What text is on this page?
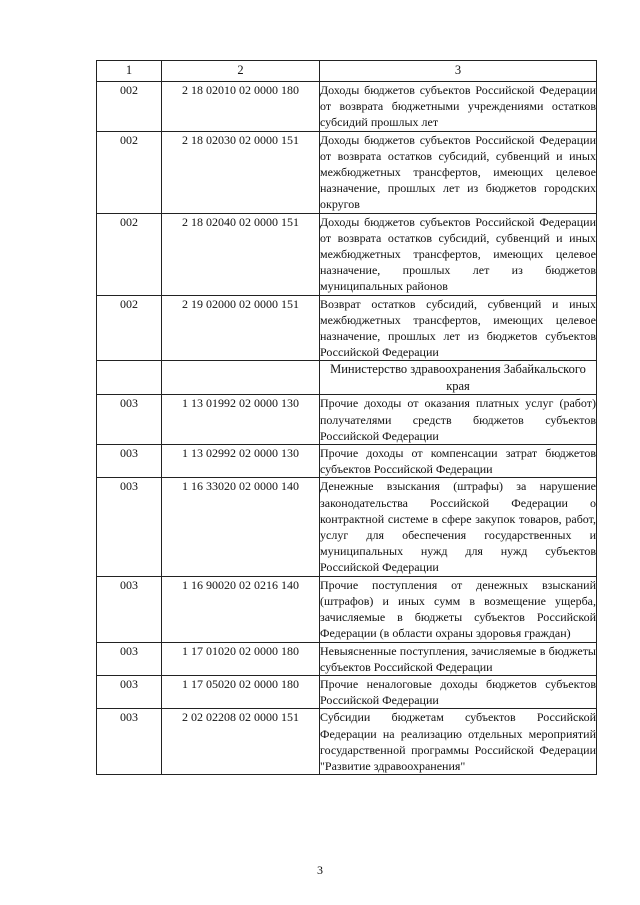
1	2	3
002	2 18 02010 02 0000 180	Доходы бюджетов субъектов Российской Федерации от возврата бюджетными учреждениями остатков субсидий прошлых лет
002	2 18 02030 02 0000 151	Доходы бюджетов субъектов Российской Федерации от возврата остатков субсидий, субвенций и иных межбюджетных трансфертов, имеющих целевое назначение, прошлых лет из бюджетов городских округов
002	2 18 02040 02 0000 151	Доходы бюджетов субъектов Российской Федерации от возврата остатков субсидий, субвенций и иных межбюджетных трансфертов, имеющих целевое назначение, прошлых лет из бюджетов муниципальных районов
002	2 19 02000 02 0000 151	Возврат остатков субсидий, субвенций и иных межбюджетных трансфертов, имеющих целевое назначение, прошлых лет из бюджетов субъектов Российской Федерации
		Министерство здравоохранения Забайкальского края
003	1 13 01992 02 0000 130	Прочие доходы от оказания платных услуг (работ) получателями средств бюджетов субъектов Российской Федерации
003	1 13 02992 02 0000 130	Прочие доходы от компенсации затрат бюджетов субъектов Российской Федерации
003	1 16 33020 02 0000 140	Денежные взыскания (штрафы) за нарушение законодательства Российской Федерации о контрактной системе в сфере закупок товаров, работ, услуг для обеспечения государственных и муниципальных нужд для нужд субъектов Российской Федерации
003	1 16 90020 02 0216 140	Прочие поступления от денежных взысканий (штрафов) и иных сумм в возмещение ущерба, зачисляемые в бюджеты субъектов Российской Федерации (в области охраны здоровья граждан)
003	1 17 01020 02 0000 180	Невыясненные поступления, зачисляемые в бюджеты субъектов Российской Федерации
003	1 17 05020 02 0000 180	Прочие неналоговые доходы бюджетов субъектов Российской Федерации
003	2 02 02208 02 0000 151	Субсидии бюджетам субъектов Российской Федерации на реализацию отдельных мероприятий государственной программы Российской Федерации "Развитие здравоохранения"
3
